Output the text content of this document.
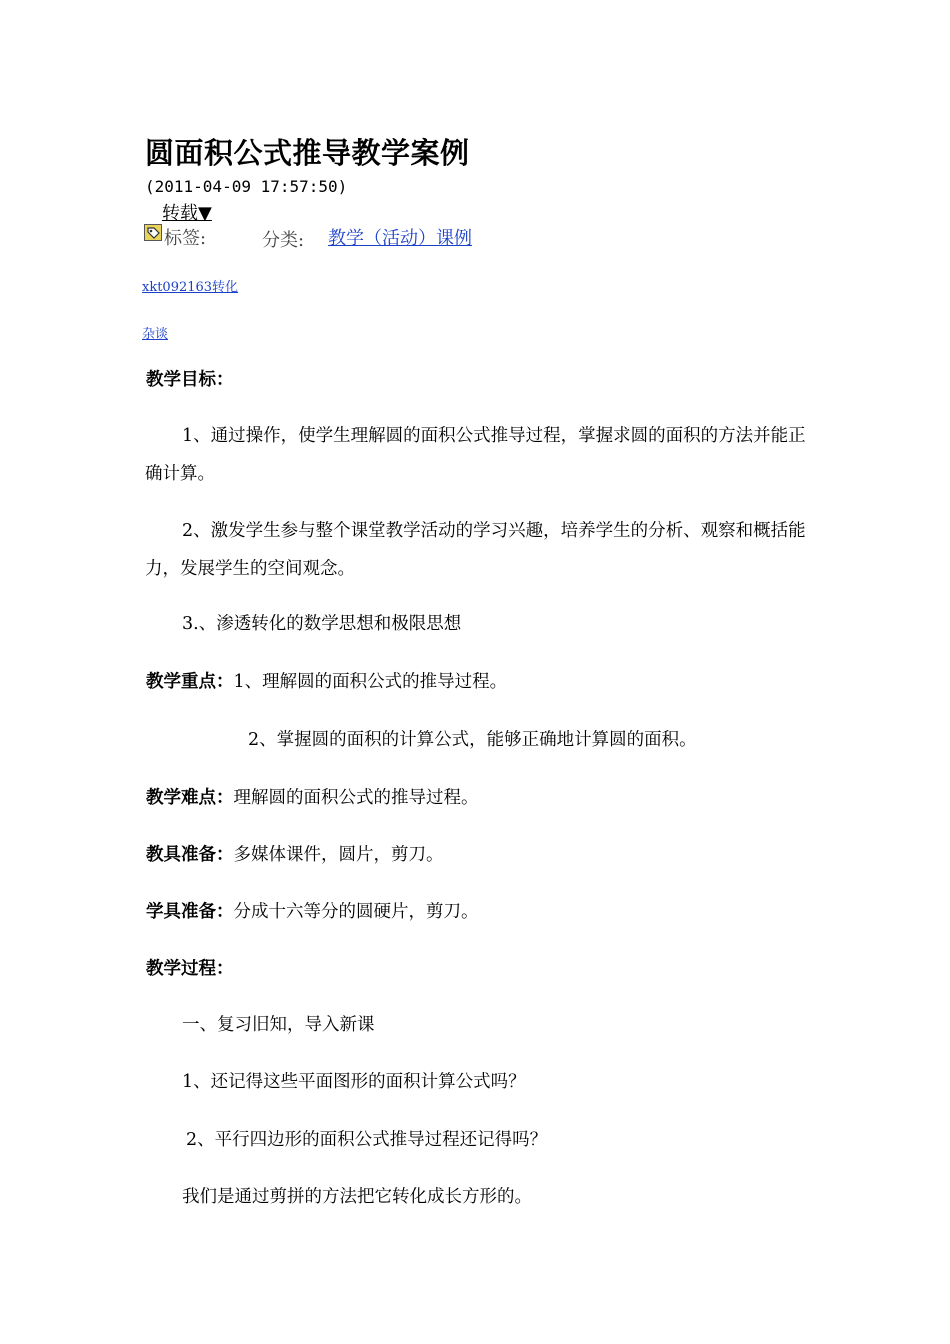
圆面积公式推导教学案例
(2011-04-09 17:57:50)
转载▼
标签:	分类: 教学（活动）课例
xkt092163转化
杂谈
教学目标：
1、通过操作，使学生理解圆的面积公式推导过程，掌握求圆的面积的方法并能正确计算。
2、激发学生参与整个课堂教学活动的学习兴趣，培养学生的分析、观察和概括能力，发展学生的空间观念。
3.、渗透转化的数学思想和极限思想
教学重点：1、理解圆的面积公式的推导过程。
2、掌握圆的面积的计算公式，能够正确地计算圆的面积。
教学难点：理解圆的面积公式的推导过程。
教具准备：多媒体课件，圆片，剪刀。
学具准备：分成十六等分的圆硬片，剪刀。
教学过程：
一、复习旧知，导入新课
1、还记得这些平面图形的面积计算公式吗？
2、平行四边形的面积公式推导过程还记得吗？
我们是通过剪拼的方法把它转化成长方形的。
